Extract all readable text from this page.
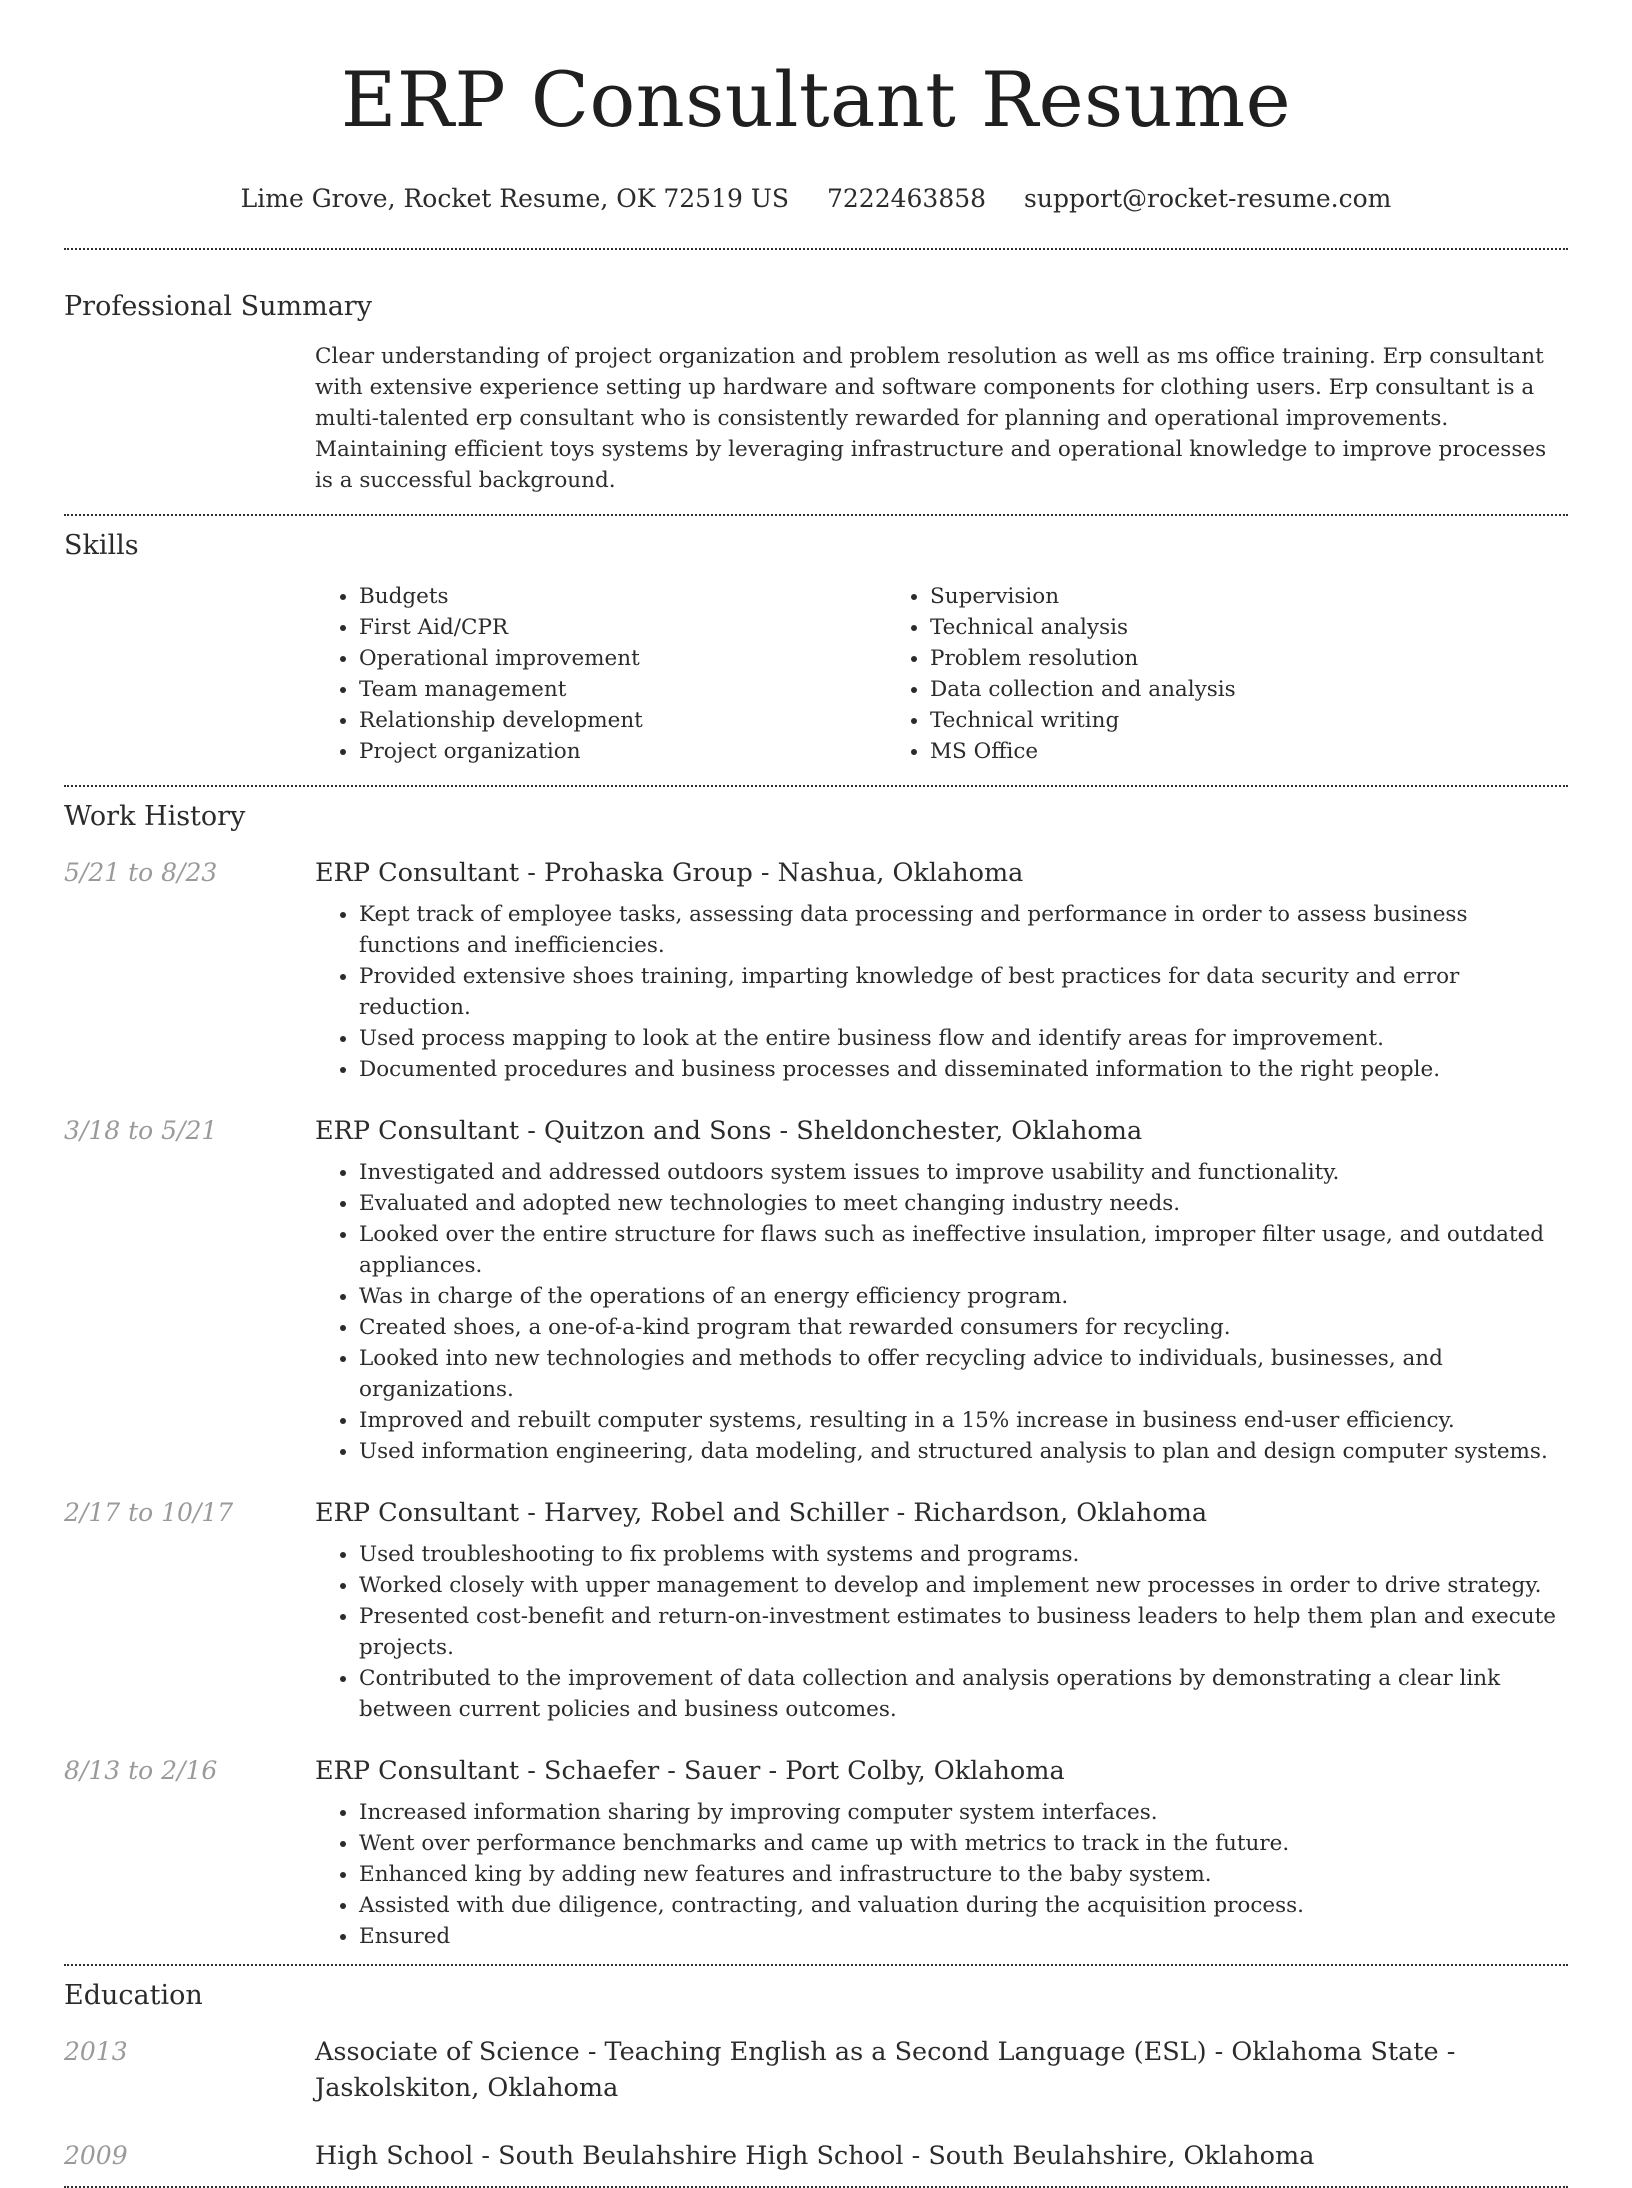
ERP Consultant Resume
Lime Grove, Rocket Resume, OK 72519 US 7222463858 support@rocket-resume.com
Professional Summary

Clear understanding of project organization and problem resolution as well as ms office training. Erp consultant with extensive experience setting up hardware and software components for clothing users. Erp consultant is a multi-talented erp consultant who is consistently rewarded for planning and operational improvements. Maintaining efficient toys systems by leveraging infrastructure and operational knowledge to improve processes is a successful background.

Skills
• Budgets
• First Aid/CPR
• Operational improvement
• Team management
• Relationship development
• Project organization
• Supervision
• Technical analysis
• Problem resolution
• Data collection and analysis
• Technical writing
• MS Office
Work History
5/21 to 8/23	ERP Consultant - Prohaska Group - Nashua, Oklahoma
• Kept track of employee tasks, assessing data processing and performance in order to assess business functions and inefficiencies.
• Provided extensive shoes training, imparting knowledge of best practices for data security and error reduction.
• Used process mapping to look at the entire business flow and identify areas for improvement.
• Documented procedures and business processes and disseminated information to the right people.
3/18 to 5/21	ERP Consultant - Quitzon and Sons - Sheldonchester, Oklahoma
• Investigated and addressed outdoors system issues to improve usability and functionality.
• Evaluated and adopted new technologies to meet changing industry needs.
• Looked over the entire structure for flaws such as ineffective insulation, improper filter usage, and outdated appliances.
• Was in charge of the operations of an energy efficiency program.
• Created shoes, a one-of-a-kind program that rewarded consumers for recycling.
• Looked into new technologies and methods to offer recycling advice to individuals, businesses, and organizations.
• Improved and rebuilt computer systems, resulting in a 15% increase in business end-user efficiency.
• Used information engineering, data modeling, and structured analysis to plan and design computer systems.
2/17 to 10/17	ERP Consultant - Harvey, Robel and Schiller - Richardson, Oklahoma
• Used troubleshooting to fix problems with systems and programs.
• Worked closely with upper management to develop and implement new processes in order to drive strategy.
• Presented cost-benefit and return-on-investment estimates to business leaders to help them plan and execute projects.
• Contributed to the improvement of data collection and analysis operations by demonstrating a clear link between current policies and business outcomes.
8/13 to 2/16	ERP Consultant - Schaefer - Sauer - Port Colby, Oklahoma
• Increased information sharing by improving computer system interfaces.
• Went over performance benchmarks and came up with metrics to track in the future.
• Enhanced king by adding new features and infrastructure to the baby system.
• Assisted with due diligence, contracting, and valuation during the acquisition process.
• Ensured
Education
2013	Associate of Science - Teaching English as a Second Language (ESL) - Oklahoma State - Jaskolskiton, Oklahoma
2009	High School - South Beulahshire High School - South Beulahshire, Oklahoma
